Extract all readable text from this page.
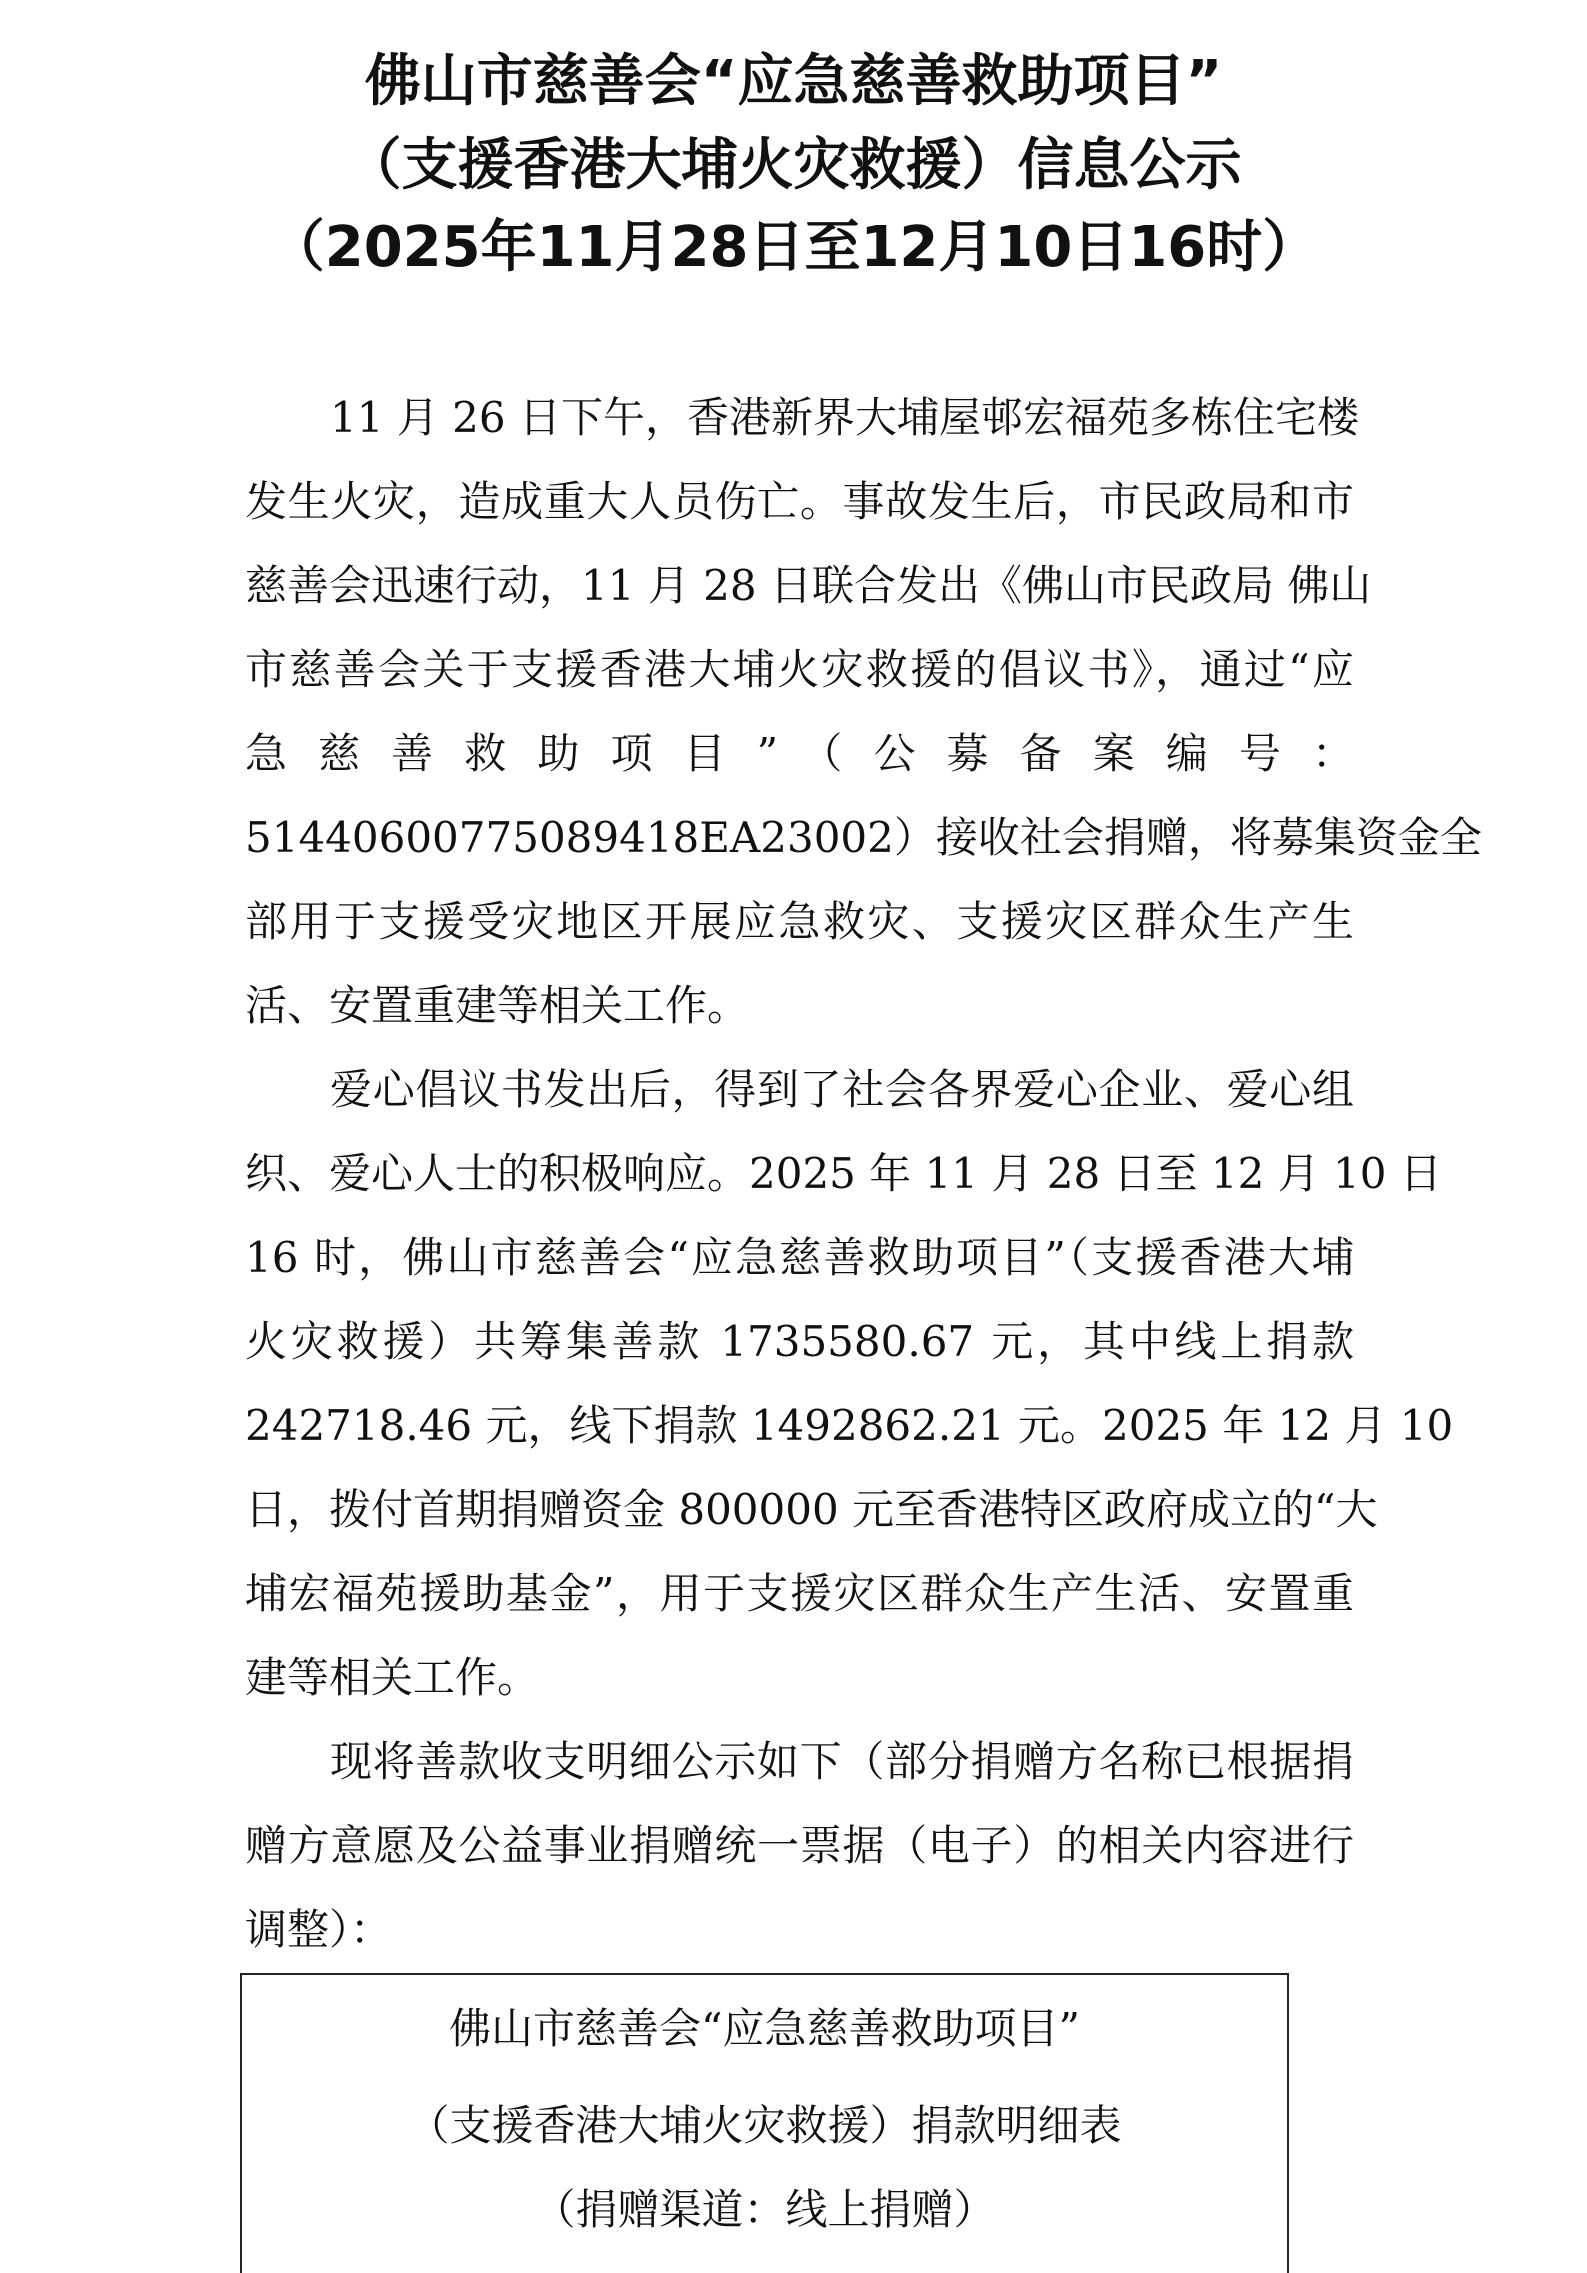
佛山市慈善会“应急慈善救助项目”
（支援香港大埔火灾救援）信息公示
（2025年11月28日至12月10日16时）
11 月 26 日下午，香港新界大埔屋邨宏福苑多栋住宅楼
发生火灾，造成重大人员伤亡。事故发生后，市民政局和市
慈善会迅速行动，11 月 28 日联合发出《佛山市民政局 佛山
市慈善会关于支援香港大埔火灾救援的倡议书》，通过“应
急 慈 善 救 助 项 目 ” （ 公 募 备 案 编 号 ：
51440600775089418EA23002）接收社会捐赠，将募集资金全
部用于支援受灾地区开展应急救灾、支援灾区群众生产生
活、安置重建等相关工作。
爱心倡议书发出后，得到了社会各界爱心企业、爱心组
织、爱心人士的积极响应。2025 年 11 月 28 日至 12 月 10 日
16 时，佛山市慈善会“应急慈善救助项目”（支援香港大埔
火灾救援）共筹集善款 1735580.67 元，其中线上捐款
242718.46 元，线下捐款 1492862.21 元。2025 年 12 月 10
日，拨付首期捐赠资金 800000 元至香港特区政府成立的“大
埔宏福苑援助基金”，用于支援灾区群众生产生活、安置重
建等相关工作。
现将善款收支明细公示如下（部分捐赠方名称已根据捐
赠方意愿及公益事业捐赠统一票据（电子）的相关内容进行
调整）：
佛山市慈善会“应急慈善救助项目”
（支援香港大埔火灾救援）捐款明细表
（捐赠渠道：线上捐赠）
